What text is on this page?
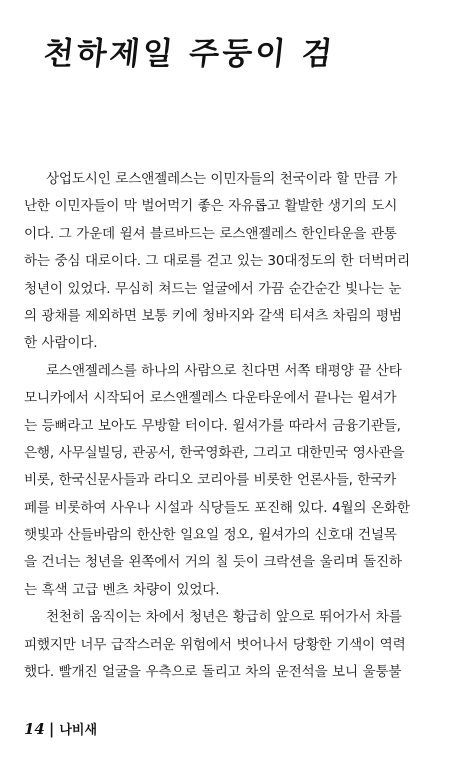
천하제일 주둥이 검
상업도시인 로스앤젤레스는 이민자들의 천국이라 할 만큼 가
난한 이민자들이 막 벌어먹기 좋은 자유롭고 활발한 생기의 도시
이다. 그 가운데 윌셔 블르바드는 로스앤젤레스 한인타운을 관통
하는 중심 대로이다. 그 대로를 걷고 있는 30대정도의 한 더벅머리
청년이 있었다. 무심히 쳐드는 얼굴에서 가끔 순간순간 빛나는 눈
의 광채를 제외하면 보통 키에 청바지와 갈색 티셔츠 차림의 평범
한 사람이다.
로스앤젤레스를 하나의 사람으로 친다면 서쪽 태평양 끝 산타
모니카에서 시작되어 로스앤젤레스 다운타운에서 끝나는 윌셔가
는 등뼈라고 보아도 무방할 터이다. 윌셔가를 따라서 금융기관들,
은행, 사무실빌딩, 관공서, 한국영화관, 그리고 대한민국 영사관을
비롯, 한국신문사들과 라디오 코리아를 비롯한 언론사들, 한국카
페를 비롯하여 사우나 시설과 식당들도 포진해 있다. 4월의 온화한
햇빛과 산들바람의 한산한 일요일 정오, 윌셔가의 신호대 건널목
을 건너는 청년을 왼쪽에서 거의 칠 듯이 크락션을 울리며 돌진하
는 흑색 고급 벤츠 차량이 있었다.
천천히 움직이는 차에서 청년은 황급히 앞으로 뛰어가서 차를
피했지만 너무 급작스러운 위험에서 벗어나서 당황한 기색이 역력
했다. 빨개진 얼굴을 우측으로 돌리고 차의 운전석을 보니 울퉁불
14 | 나비새
